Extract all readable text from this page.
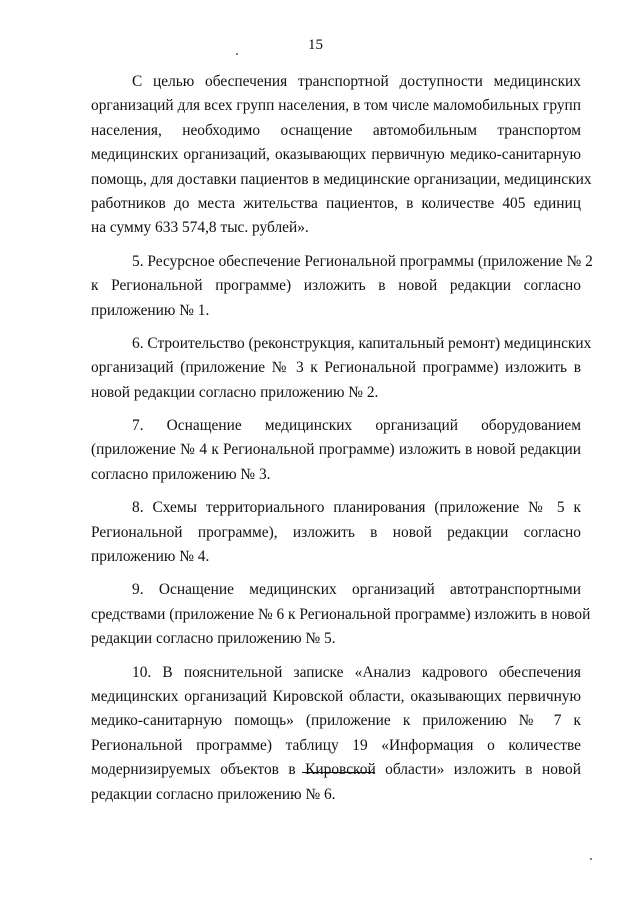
15

С целью обеспечения транспортной доступности медицинских
организаций для всех групп населения, в том числе маломобильных групп
населения, необходимо оснащение автомобильным транспортом
медицинских организаций, оказывающих первичную медико-санитарную
помощь, для доставки пациентов в медицинские организации, медицинских
работников до места жительства пациентов, в количестве 405 единиц
на сумму 633 574,8 тыс. рублей».

5. Ресурсное обеспечение Региональной программы (приложение № 2
к Региональной программе) изложить в новой редакции согласно
приложению № 1.

6. Строительство (реконструкция, капитальный ремонт) медицинских
организаций (приложение № 3 к Региональной программе) изложить в
новой редакции согласно приложению № 2.

7. Оснащение медицинских организаций оборудованием
(приложение № 4 к Региональной программе) изложить в новой редакции
согласно приложению № 3.

8. Схемы территориального планирования (приложение № 5 к
Региональной программе), изложить в новой редакции согласно
приложению № 4.

9. Оснащение медицинских организаций автотранспортными
средствами (приложение № 6 к Региональной программе) изложить в новой
редакции согласно приложению № 5.

10. В пояснительной записке «Анализ кадрового обеспечения
медицинских организаций Кировской области, оказывающих первичную
медико-санитарную помощь» (приложение к приложению № 7 к
Региональной программе) таблицу 19 «Информация о количестве
модернизируемых объектов в Кировской области» изложить в новой
редакции согласно приложению № 6.
